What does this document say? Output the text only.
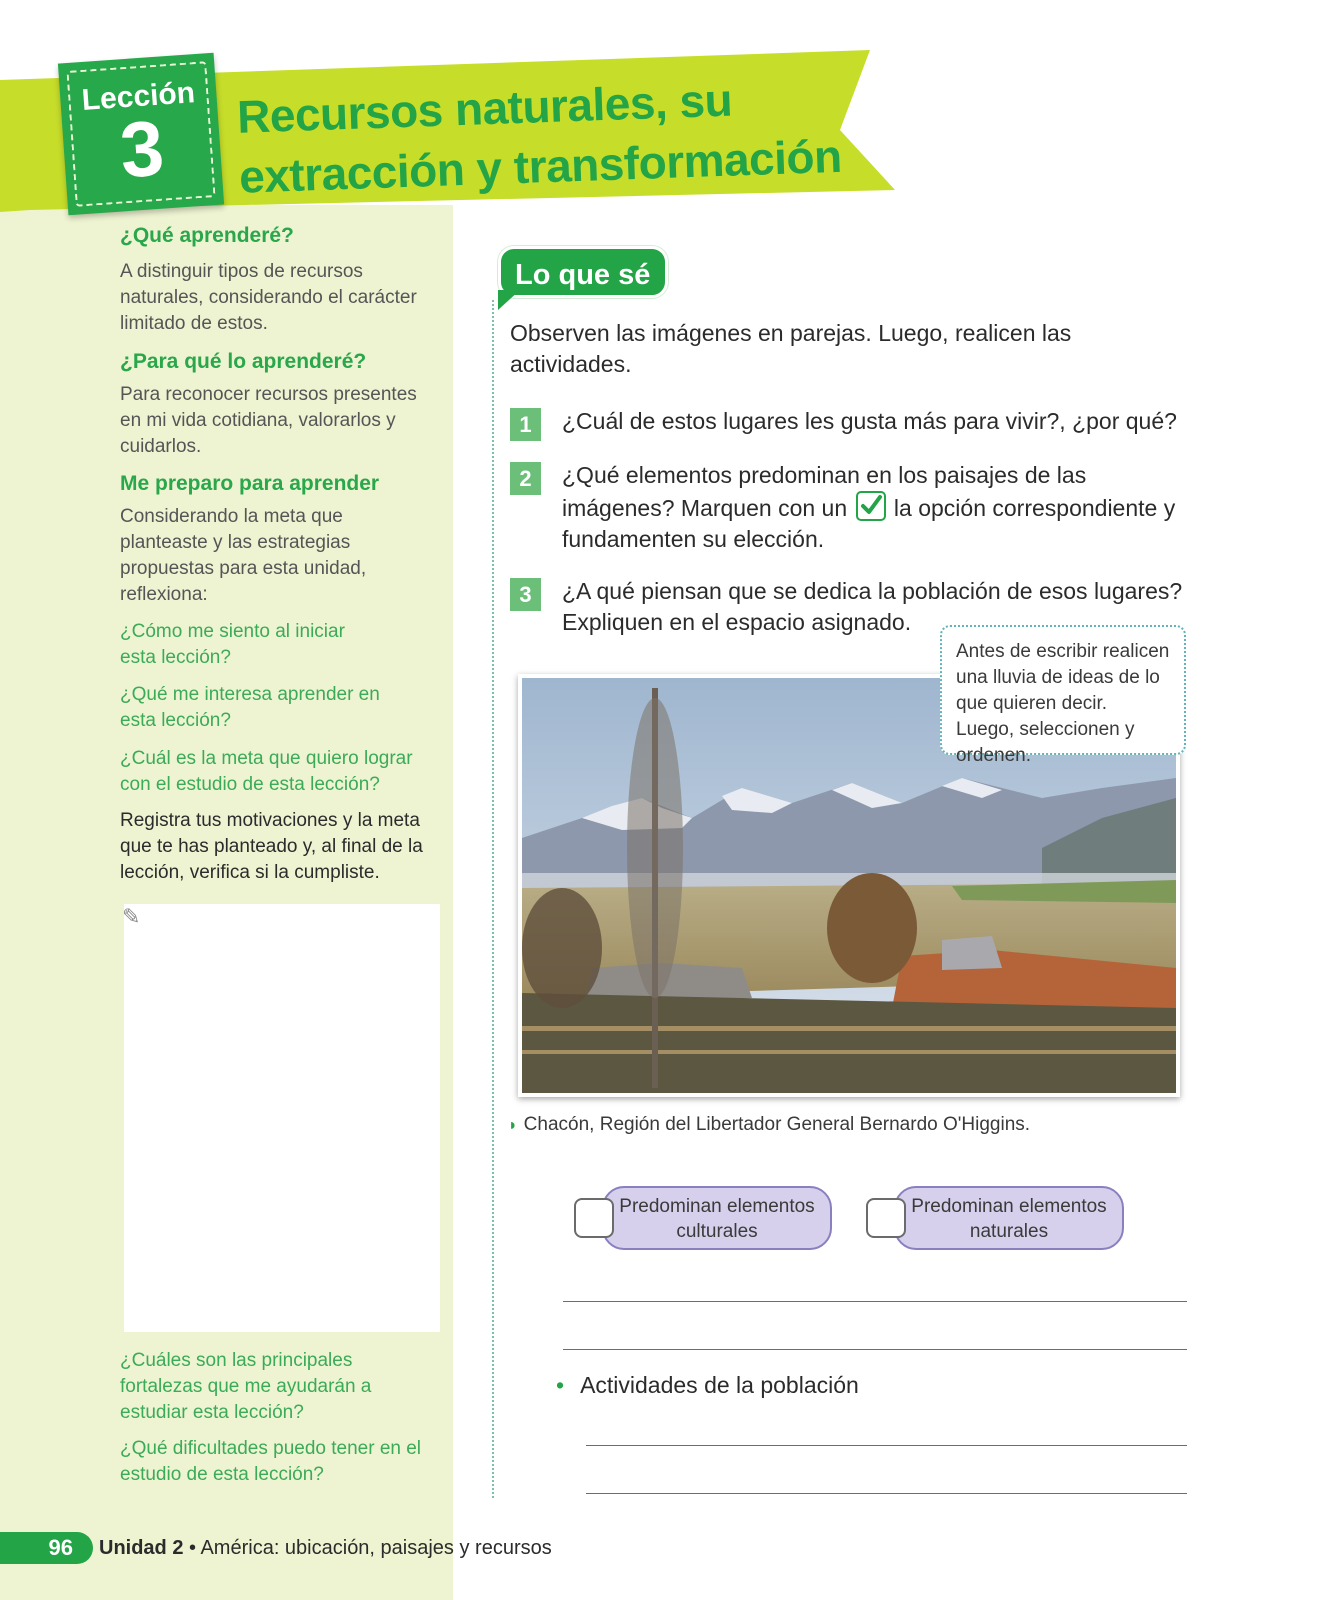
Lección
3	Recursos naturales, su
extracción y transformación
¿Qué aprenderé?
A distinguir tipos de recursos naturales, considerando el carácter limitado de estos.
¿Para qué lo aprenderé?
Para reconocer recursos presentes en mi vida cotidiana, valorarlos y cuidarlos.
Me preparo para aprender
Considerando la meta que planteaste y las estrategias propuestas para esta unidad, reflexiona:
¿Cómo me siento al iniciar esta lección?
¿Qué me interesa aprender en esta lección?
¿Cuál es la meta que quiero lograr con el estudio de esta lección?
Registra tus motivaciones y la meta que te has planteado y, al final de la lección, verifica si la cumpliste.
✎
¿Cuáles son las principales fortalezas que me ayudarán a estudiar esta lección?
¿Qué dificultades puedo tener en el estudio de esta lección?
Lo que sé
Observen las imágenes en parejas. Luego, realicen las actividades.
1	¿Cuál de estos lugares les gusta más para vivir?, ¿por qué?
2	¿Qué elementos predominan en los paisajes de las imágenes? Marquen con un la opción correspondiente y fundamenten su elección.
3	¿A qué piensan que se dedica la población de esos lugares? Expliquen en el espacio asignado.
Antes de escribir realicen una lluvia de ideas de lo que quieren decir. Luego, seleccionen y ordenen.
◗ Chacón, Región del Libertador General Bernardo O'Higgins.
Predominan elementos culturales
Predominan elementos naturales
• Actividades de la población
96	Unidad 2 • América: ubicación, paisajes y recursos
